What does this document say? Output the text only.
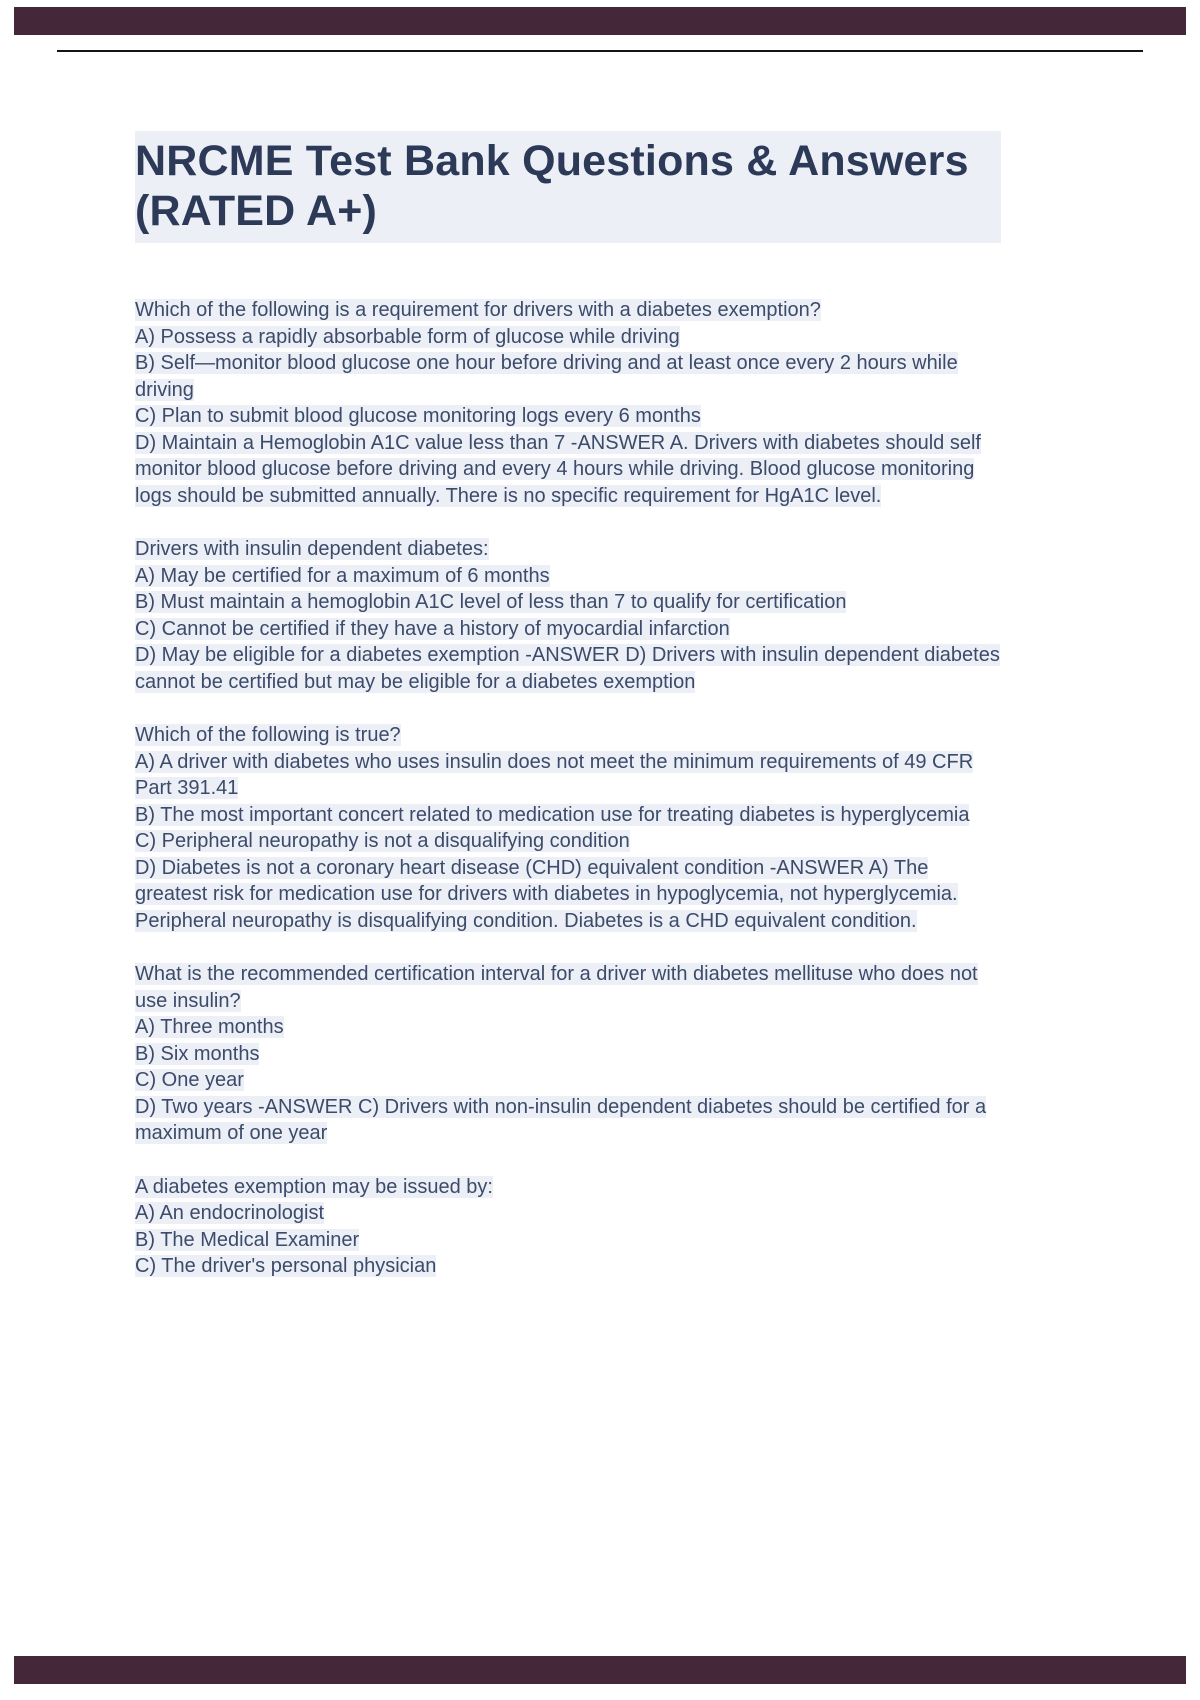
NRCME Test Bank Questions & Answers
(RATED A+)
Which of the following is a requirement for drivers with a diabetes exemption?
A) Possess a rapidly absorbable form of glucose while driving
B) Self—monitor blood glucose one hour before driving and at least once every 2 hours while driving
C) Plan to submit blood glucose monitoring logs every 6 months
D) Maintain a Hemoglobin A1C value less than 7 -ANSWER A. Drivers with diabetes should self monitor blood glucose before driving and every 4 hours while driving. Blood glucose monitoring logs should be submitted annually. There is no specific requirement for HgA1C level.
Drivers with insulin dependent diabetes:
A) May be certified for a maximum of 6 months
B) Must maintain a hemoglobin A1C level of less than 7 to qualify for certification
C) Cannot be certified if they have a history of myocardial infarction
D) May be eligible for a diabetes exemption -ANSWER D) Drivers with insulin dependent diabetes cannot be certified but may be eligible for a diabetes exemption
Which of the following is true?
A) A driver with diabetes who uses insulin does not meet the minimum requirements of 49 CFR Part 391.41
B) The most important concert related to medication use for treating diabetes is hyperglycemia
C) Peripheral neuropathy is not a disqualifying condition
D) Diabetes is not a coronary heart disease (CHD) equivalent condition -ANSWER A) The greatest risk for medication use for drivers with diabetes in hypoglycemia, not hyperglycemia. Peripheral neuropathy is disqualifying condition. Diabetes is a CHD equivalent condition.
What is the recommended certification interval for a driver with diabetes mellituse who does not use insulin?
A) Three months
B) Six months
C) One year
D) Two years -ANSWER C) Drivers with non-insulin dependent diabetes should be certified for a maximum of one year
A diabetes exemption may be issued by:
A) An endocrinologist
B) The Medical Examiner
C) The driver's personal physician
